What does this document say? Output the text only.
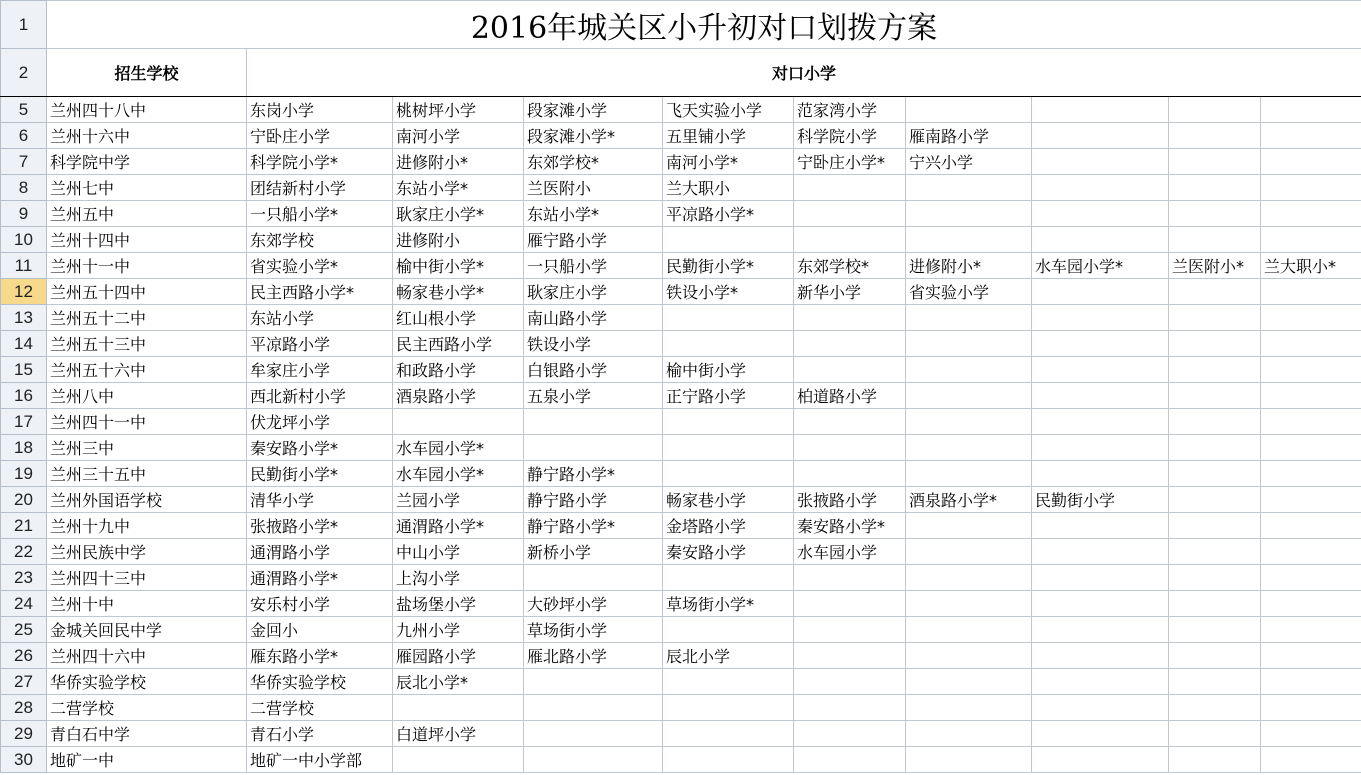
1	2016年城关区小升初对口划拨方案									
2	招生学校	对口小学								
5	兰州四十八中	东岗小学	桃树坪小学	段家滩小学	飞天实验小学	范家湾小学				
6	兰州十六中	宁卧庄小学	南河小学	段家滩小学*	五里铺小学	科学院小学	雁南路小学			
7	科学院中学	科学院小学*	进修附小*	东郊学校*	南河小学*	宁卧庄小学*	宁兴小学			
8	兰州七中	团结新村小学	东站小学*	兰医附小	兰大职小					
9	兰州五中	一只船小学*	耿家庄小学*	东站小学*	平凉路小学*					
10	兰州十四中	东郊学校	进修附小	雁宁路小学						
11	兰州十一中	省实验小学*	榆中街小学*	一只船小学	民勤街小学*	东郊学校*	进修附小*	水车园小学*	兰医附小*	兰大职小*
12	兰州五十四中	民主西路小学*	畅家巷小学*	耿家庄小学	铁设小学*	新华小学	省实验小学			
13	兰州五十二中	东站小学	红山根小学	南山路小学						
14	兰州五十三中	平凉路小学	民主西路小学	铁设小学						
15	兰州五十六中	牟家庄小学	和政路小学	白银路小学	榆中街小学					
16	兰州八中	西北新村小学	酒泉路小学	五泉小学	正宁路小学	柏道路小学				
17	兰州四十一中	伏龙坪小学								
18	兰州三中	秦安路小学*	水车园小学*							
19	兰州三十五中	民勤街小学*	水车园小学*	静宁路小学*						
20	兰州外国语学校	清华小学	兰园小学	静宁路小学	畅家巷小学	张掖路小学	酒泉路小学*	民勤街小学		
21	兰州十九中	张掖路小学*	通渭路小学*	静宁路小学*	金塔路小学	秦安路小学*				
22	兰州民族中学	通渭路小学	中山小学	新桥小学	秦安路小学	水车园小学				
23	兰州四十三中	通渭路小学*	上沟小学							
24	兰州十中	安乐村小学	盐场堡小学	大砂坪小学	草场街小学*					
25	金城关回民中学	金回小	九州小学	草场街小学						
26	兰州四十六中	雁东路小学*	雁园路小学	雁北路小学	辰北小学					
27	华侨实验学校	华侨实验学校	辰北小学*							
28	二营学校	二营学校								
29	青白石中学	青石小学	白道坪小学							
30	地矿一中	地矿一中小学部								
